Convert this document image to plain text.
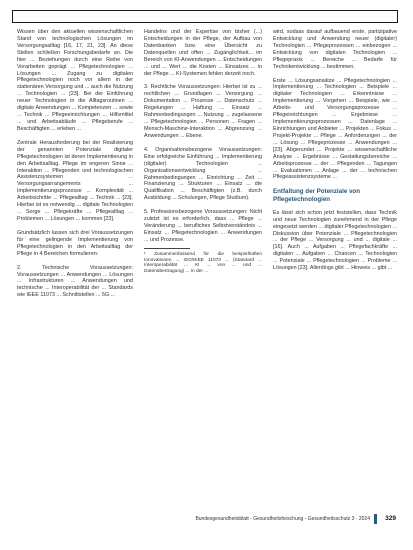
Wissen über den aktuellen wissenschaftlichen Stand von technologischen Lösungen im Versorgungsalltag [16, 17, 21, 23]. An diese Stellen schließen Forschungsbedarfe an. Die hier ... Beziehungen durch eine Reihe von Vorarbeiten geprägt ... Pflegetechnologien ... Lösungen ... Zugang zu digitalen Pflegetechnologien noch vor allem in der stationären Versorgung und ... auch die Nutzung ... Technologien ... [23]. Bei der Einführung neuer Technologien in die Alltagsroutinen ... digitale Anwendungen ... Kompetenzen ... sowie ... Technik ... Pflegeeinrichtungen ... Hilfsmittel ... und Arbeitsabläufe ... Pflegeberufe ... Beschäftigten ... erleben ...

Zentrale Herausforderung bei der Realisierung der genannten Potenziale digitaler Pflegetechnologien ist deren Implementierung in den Arbeitsalltag. Pflege im engeren Sinne ... Interaktion ... Pflegenden und technologischen Assistenzsystemen ... Versorgungsarrangements ... Implementierungsprozesse ... Komplexität ... Arbeitsschritte ... Pflegealltag ... Technik ... [23]. Hierbei ist es notwendig ... digitale Technologien ... Sorge ... Pflegekräfte ... Pflegealltag ... Problemen ... Lösungen ... kommen [23].

Grundsätzlich lassen sich drei Voraussetzungen für eine gelingende Implementierung von Pflegetechnologien in den Arbeitsalltag der Pflege in 4 Bereichen formulieren:

2. Technische Voraussetzungen: Voraussetzungen ... Anwendungen ... Lösungen ... Infrastrukturen ... Anwendungen und technische ... Interoperabilität der ... Standards wie IEEE 11073 ... Schnittstellen ... 5G ...

Handelns und der Expertise von bisher (...) Entscheidungen in der Pflege, der Aufbau von Datenbanken bzw. eine Übersicht zu Datenquellen und offen ... Zugänglichkeit... im Bereich von KI-Anwendungen ... Entscheidungen ... und ... Wert ... die Kosten ... Einsatzes ... in der Pflege ... KI-Systemen fehlen derzeit noch.

3. Rechtliche Voraussetzungen: Hierbei ist zu ... rechtlichen ... Grundlagen ... Versorgung ... Dokumentation ... Prozesse ... Datenschutz ... Regelungen ... Haftung ... Einsatz ... Rahmenbedingungen ... Nutzung ... zugelassene ... Pflegetechnologien ... Personen ... Fragen ... Mensch-Maschine-Interaktion ... Abgrenzung ... Anwendungen ... Ebene.

4. Organisationsbezogene Voraussetzungen: Eine erfolgreiche Einführung ... Implementierung (digitaler) Technologien ... Organisationsentwicklung ... Rahmenbedingungen ... Einrichtung ... Zeit ... Finanzierung ... Strukturen ... Einsatz ... die Qualifikation ... Beschäftigten (z.B. durch Ausbildung ... Schulungen, Pflege Studium).

5. Professionsbezogene Voraussetzungen: Nicht zuletzt ist es erforderlich, dass ... Pflege ... Veränderung ... berufliches Selbstverständnis ... Einsatz ... Pflegetechnologien ... Anwendungen ... und Prozesse.

¹ Zusammenfassend für die beispielhaften Innovationen ... ISO/IEEE 11073 ... (Standard ... Interoperabilität ... KI ... von ... und ... Datenübertragung) ... in der ...

wird, sodass darauf aufbauend erste, partizipative Entwicklung und Anwendung neuer (digitaler) Technologien ... Pflegeprozessen ... einbezogen ... Entwicklung von digitalen Technologien ... Pflegepraxis ... Bereiche ... Bedarfe für Technikentwicklung ... bestimmen.

Erste ... Lösungsansätze ... Pflegetechnologien ... Implementierung ... Technologien ... Beispiele ... digitaler Technologien ... Erkenntnisse ... Implementierung ... Vorgehen ... Beispiele, wie ... Arbeits- und Versorgungsprozesse ... Pflegeinrichtungen ... Ergebnisse ... Implementierungsprozessen ... Datenlage ... Einrichtungen und Anbieter ... Projekten ... Fokus ... Projekt-Projekte ... Pflege ... Anforderungen ... der ... Lösung ... Pflegeprozesse ... Anwendungen ... [23]. Abgerundet ... Projekte ... wissenschaftliche Analyse ... Ergebnisse ... Gestaltungsbereiche ... Arbeitsprozesse ... der ... Pflegenden ... Tagungen ... Evaluationen ... Anlage ... der ... technischen Pflegeassistenzsysteme ...

Entfaltung der Potenziale von

Pflegetechnologien

Es lässt sich schon jetzt feststellen, dass Technik und neue Technologien zunehmend in der Pflege eingesetzt werden ... digitaler Pflegetechnologien ... Diskussion über Potenziale ... Pflegetechnologien ... der Pflege ... Versorgung ... und ... digitale ... [16]. Auch ... Aufgaben ... Pflegefachkräfte ... digitalen ... Aufgaben ... Chancen ... Technologien ... Potenziale ... Pflegetechnologien ... Probleme ... Lösungen [23]. Allerdings gibt ... Hinweis ... gibt ...

Bundesgesundheitsblatt - Gesundheitsforschung - Gesundheitsschutz 3 · 2024 329
